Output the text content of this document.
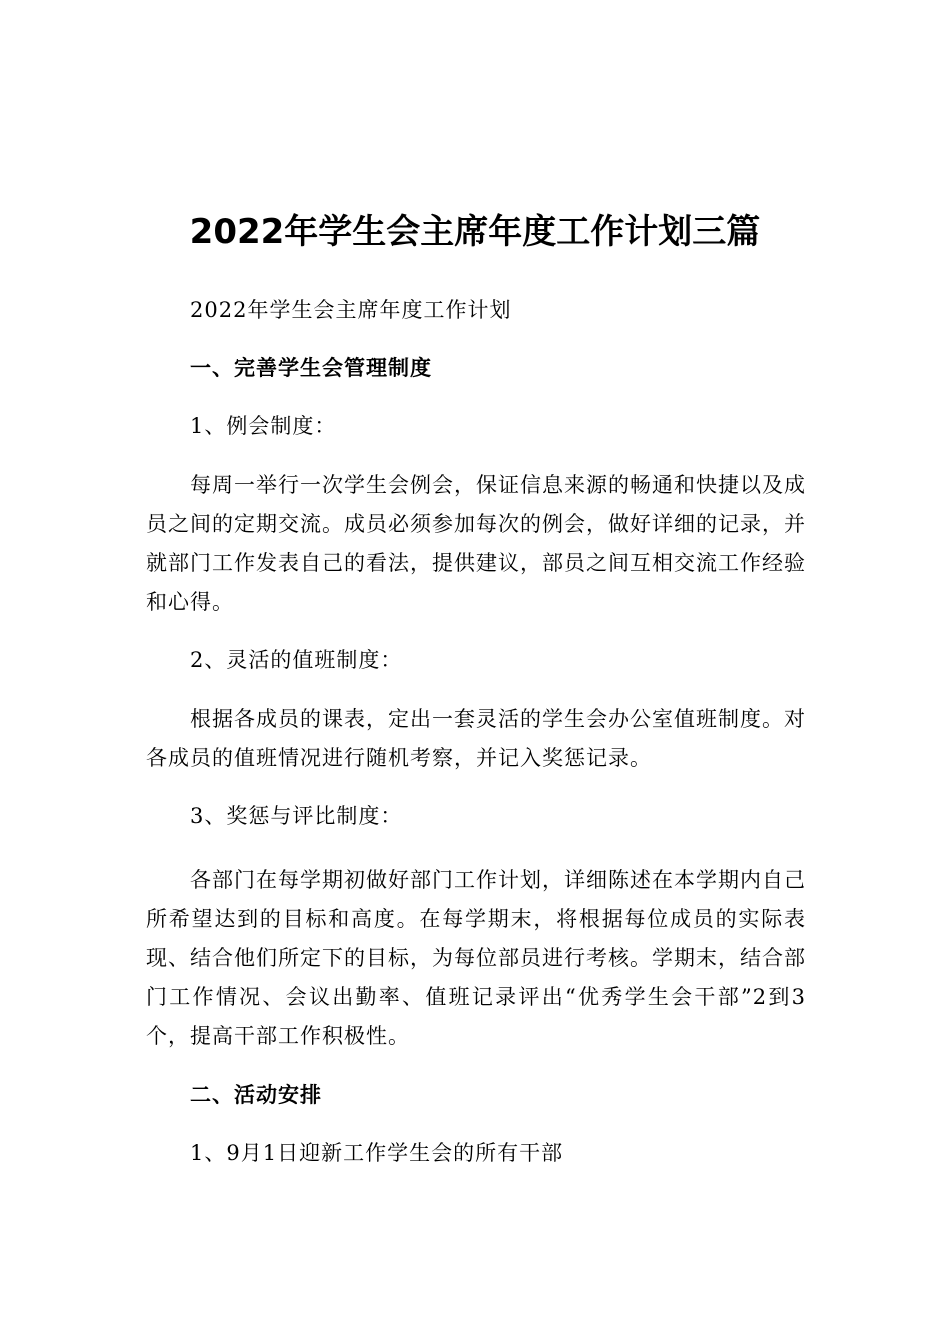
2022年学生会主席年度工作计划三篇

2022年学生会主席年度工作计划

一、完善学生会管理制度

1、例会制度：

每周一举行一次学生会例会，保证信息来源的畅通和快捷以及成员之间的定期交流。成员必须参加每次的例会，做好详细的记录，并就部门工作发表自己的看法，提供建议，部员之间互相交流工作经验和心得。

2、灵活的值班制度：

根据各成员的课表，定出一套灵活的学生会办公室值班制度。对各成员的值班情况进行随机考察，并记入奖惩记录。

3、奖惩与评比制度：

各部门在每学期初做好部门工作计划，详细陈述在本学期内自己所希望达到的目标和高度。在每学期末，将根据每位成员的实际表现、结合他们所定下的目标，为每位部员进行考核。学期末，结合部门工作情况、会议出勤率、值班记录评出“优秀学生会干部”2到3个，提高干部工作积极性。

二、活动安排

1、9月1日迎新工作学生会的所有干部
